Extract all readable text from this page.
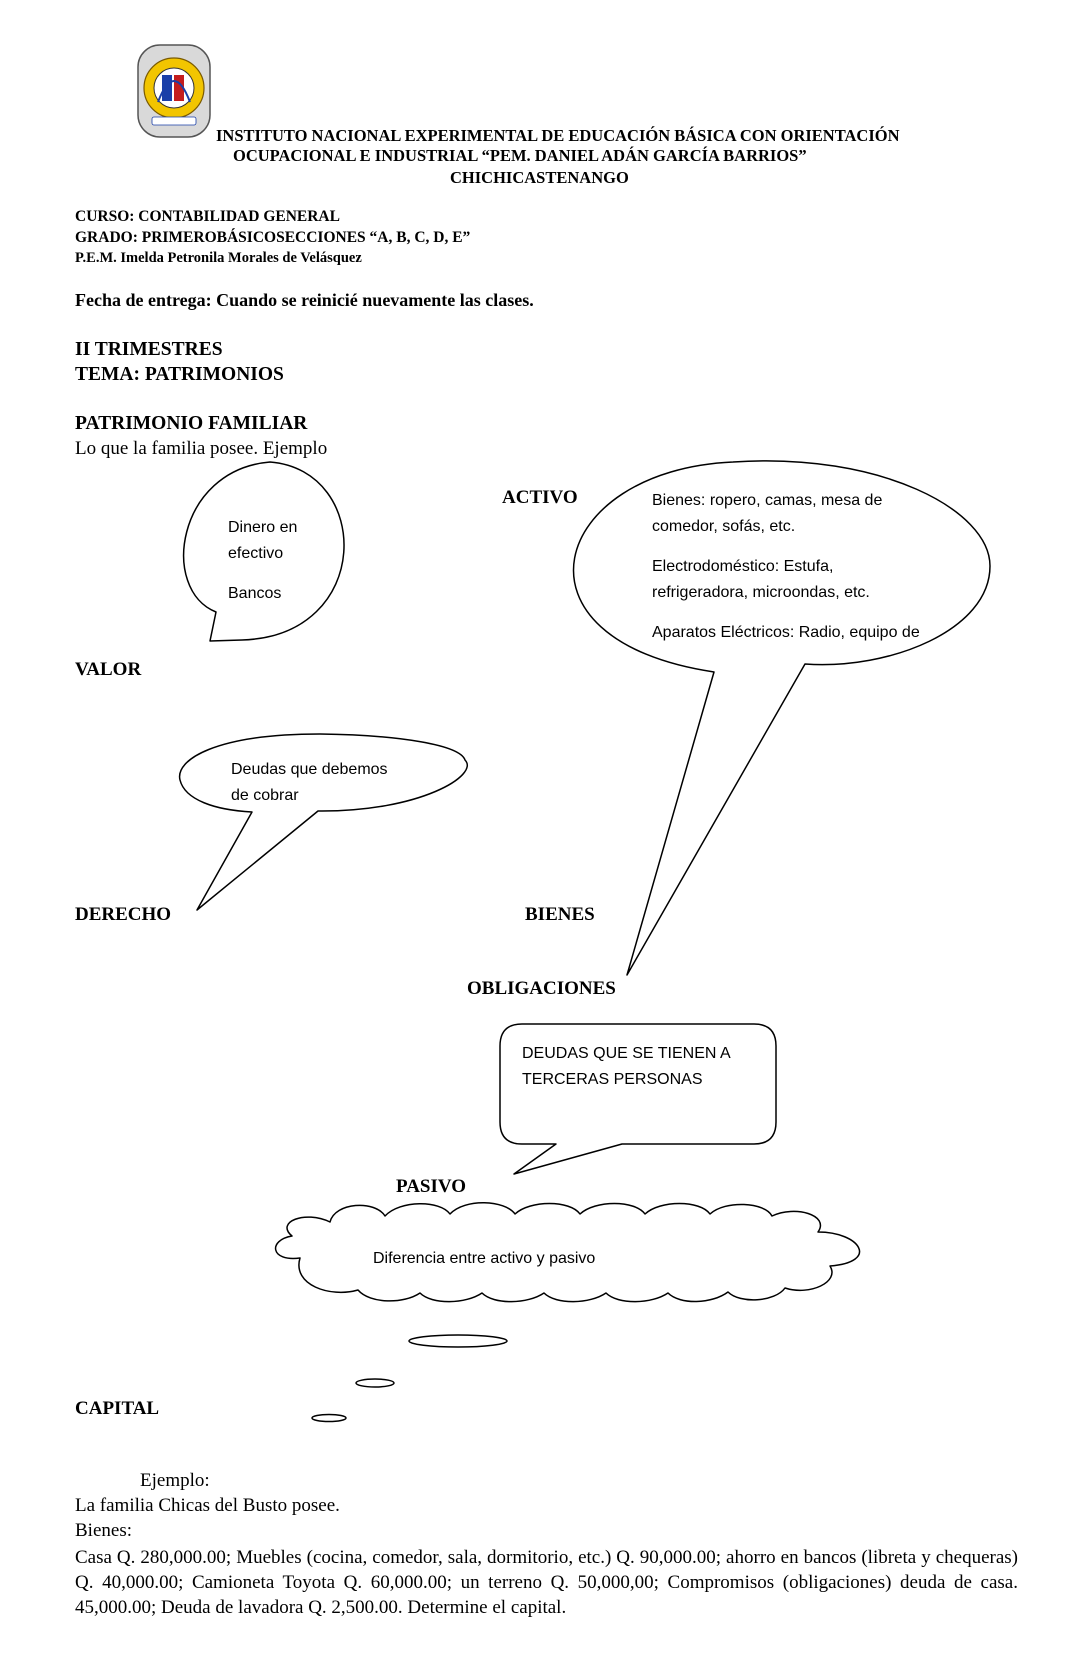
INSTITUTO NACIONAL EXPERIMENTAL DE EDUCACIÓN BÁSICA CON ORIENTACIÓN
OCUPACIONAL E INDUSTRIAL “PEM. DANIEL ADÁN GARCÍA BARRIOS”
CHICHICASTENANGO
CURSO: CONTABILIDAD GENERAL
GRADO: PRIMEROBÁSICOSECCIONES “A, B, C, D, E”
P.E.M. Imelda Petronila Morales de Velásquez
Fecha de entrega: Cuando se reinicié nuevamente las clases.
II TRIMESTRES
TEMA: PATRIMONIOS
PATRIMONIO FAMILIAR
Lo que la familia posee. Ejemplo
ACTIVO
VALOR
DERECHO	BIENES
OBLIGACIONES
PASIVO
CAPITAL
Dinero en
efectivo
Bancos
Bienes: ropero, camas, mesa de
comedor, sofás, etc.
Electrodoméstico: Estufa,
refrigeradora, microondas, etc.
Aparatos Eléctricos: Radio, equipo de
Deudas que debemos
de cobrar
DEUDAS QUE SE TIENEN A
TERCERAS PERSONAS
Diferencia entre activo y pasivo
Ejemplo:
La familia Chicas del Busto posee.
Bienes:
Casa Q. 280,000.00; Muebles (cocina, comedor, sala, dormitorio, etc.) Q. 90,000.00; ahorro en bancos (libreta y chequeras) Q. 40,000.00; Camioneta Toyota Q. 60,000.00; un terreno Q. 50,000,00; Compromisos (obligaciones) deuda de casa. 45,000.00; Deuda de lavadora Q. 2,500.00. Determine el capital.
